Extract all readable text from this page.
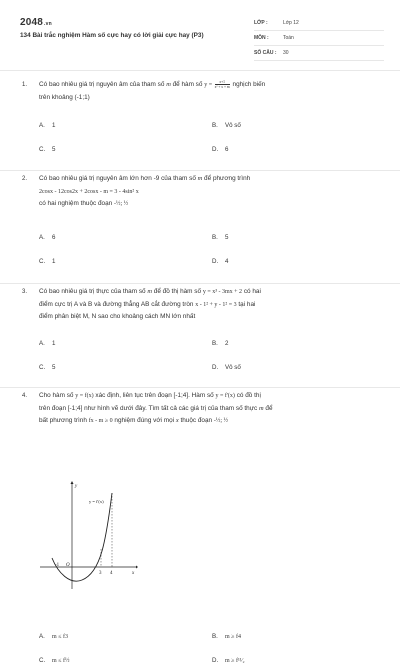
2048.vn
134 Bài trắc nghiệm Hàm số cực hay có lời giải cực hay (P3)
LỚP :	Lớp 12
MÔN :	Toán
SỐ CÂU : 30
1. Có bao nhiêu giá trị nguyên âm của tham số m để hàm số $y = \frac{x+1}{\text{x² + x + m}}$ nghịch biến
trên khoảng (-1;1)
A. 1	B. Vô số
C. 5	D. 6
2. Có bao nhiêu giá trị nguyên âm lớn hơn -9 của tham số m để phương trình
2cosx - 12cos2x + 2cosx - m = 3 - 4sin² x
có hai nghiệm thuộc đoạn -½; ½
A. 6	B. 5
C. 1	D. 4
3. Có bao nhiêu giá trị thực của tham số m để đồ thị hàm số y = x³ - 3mx + 2 có hai
điểm cực trị A và B và đường thẳng AB cắt đường tròn x - 1² + y - 1² = 3 tại hai
điểm phân biệt M, N sao cho khoảng cách MN lớn nhất
A. 1	B. 2
C. 5	D. Vô số
4. Cho hàm số y = f(x) xác định, liên tục trên đoạn [-1;4]. Hàm số y = f'(x) có đồ thị
trên đoạn [-1;4] như hình vẽ dưới đây. Tìm tất cả các giá trị của tham số thực m để
bất phương trình fx - m ≥ 0 nghiệm đúng với mọi x thuộc đoạn -½; ½
y
y = f'(x)
x
O
-1
3 4
A. m ≤ f3	B. m ≥ f4
C. m ≤ f½	D. m ≥ f¹¹⁄₂
